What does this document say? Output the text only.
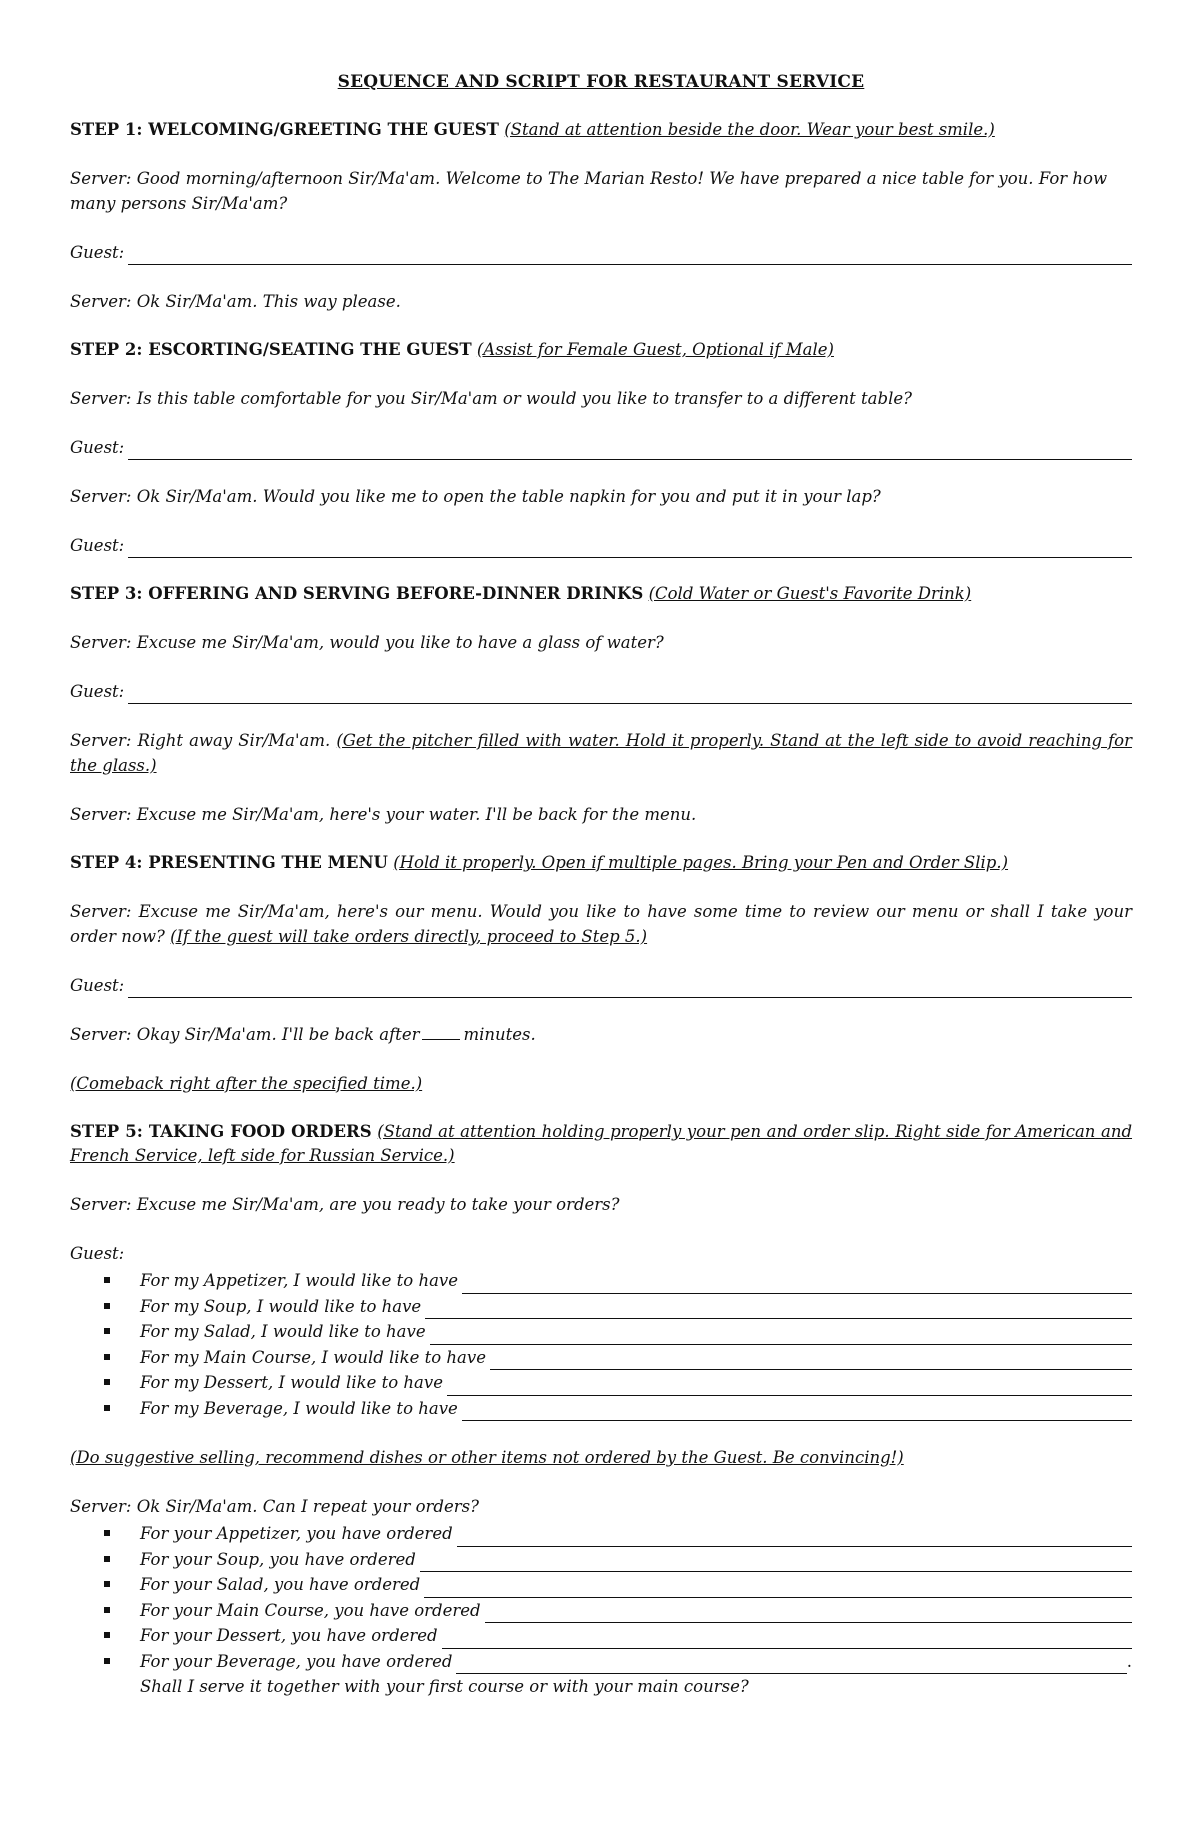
SEQUENCE AND SCRIPT FOR RESTAURANT SERVICE
STEP 1: WELCOMING/GREETING THE GUEST (Stand at attention beside the door. Wear your best smile.)
Server: Good morning/afternoon Sir/Ma'am. Welcome to The Marian Resto! We have prepared a nice table for you. For how many persons Sir/Ma'am?
Guest:
Server: Ok Sir/Ma'am. This way please.
STEP 2: ESCORTING/SEATING THE GUEST (Assist for Female Guest, Optional if Male)
Server: Is this table comfortable for you Sir/Ma'am or would you like to transfer to a different table?
Guest:
Server: Ok Sir/Ma'am. Would you like me to open the table napkin for you and put it in your lap?
Guest:
STEP 3: OFFERING AND SERVING BEFORE-DINNER DRINKS (Cold Water or Guest's Favorite Drink)
Server: Excuse me Sir/Ma'am, would you like to have a glass of water?
Guest:
Server: Right away Sir/Ma'am. (Get the pitcher filled with water. Hold it properly. Stand at the left side to avoid reaching for the glass.)
Server: Excuse me Sir/Ma'am, here's your water. I'll be back for the menu.
STEP 4: PRESENTING THE MENU (Hold it properly. Open if multiple pages. Bring your Pen and Order Slip.)
Server: Excuse me Sir/Ma'am, here's our menu. Would you like to have some time to review our menu or shall I take your order now? (If the guest will take orders directly, proceed to Step 5.)
Guest:
Server: Okay Sir/Ma'am. I'll be back after	minutes.
(Comeback right after the specified time.)
STEP 5: TAKING FOOD ORDERS (Stand at attention holding properly your pen and order slip. Right side for American and French Service, left side for Russian Service.)
Server: Excuse me Sir/Ma'am, are you ready to take your orders?
Guest:
For my Appetizer, I would like to have
For my Soup, I would like to have
For my Salad, I would like to have
For my Main Course, I would like to have
For my Dessert, I would like to have
For my Beverage, I would like to have
(Do suggestive selling, recommend dishes or other items not ordered by the Guest. Be convincing!)
Server: Ok Sir/Ma'am. Can I repeat your orders?
For your Appetizer, you have ordered
For your Soup, you have ordered
For your Salad, you have ordered
For your Main Course, you have ordered
For your Dessert, you have ordered
For your Beverage, you have ordered	.
Shall I serve it together with your first course or with your main course?
